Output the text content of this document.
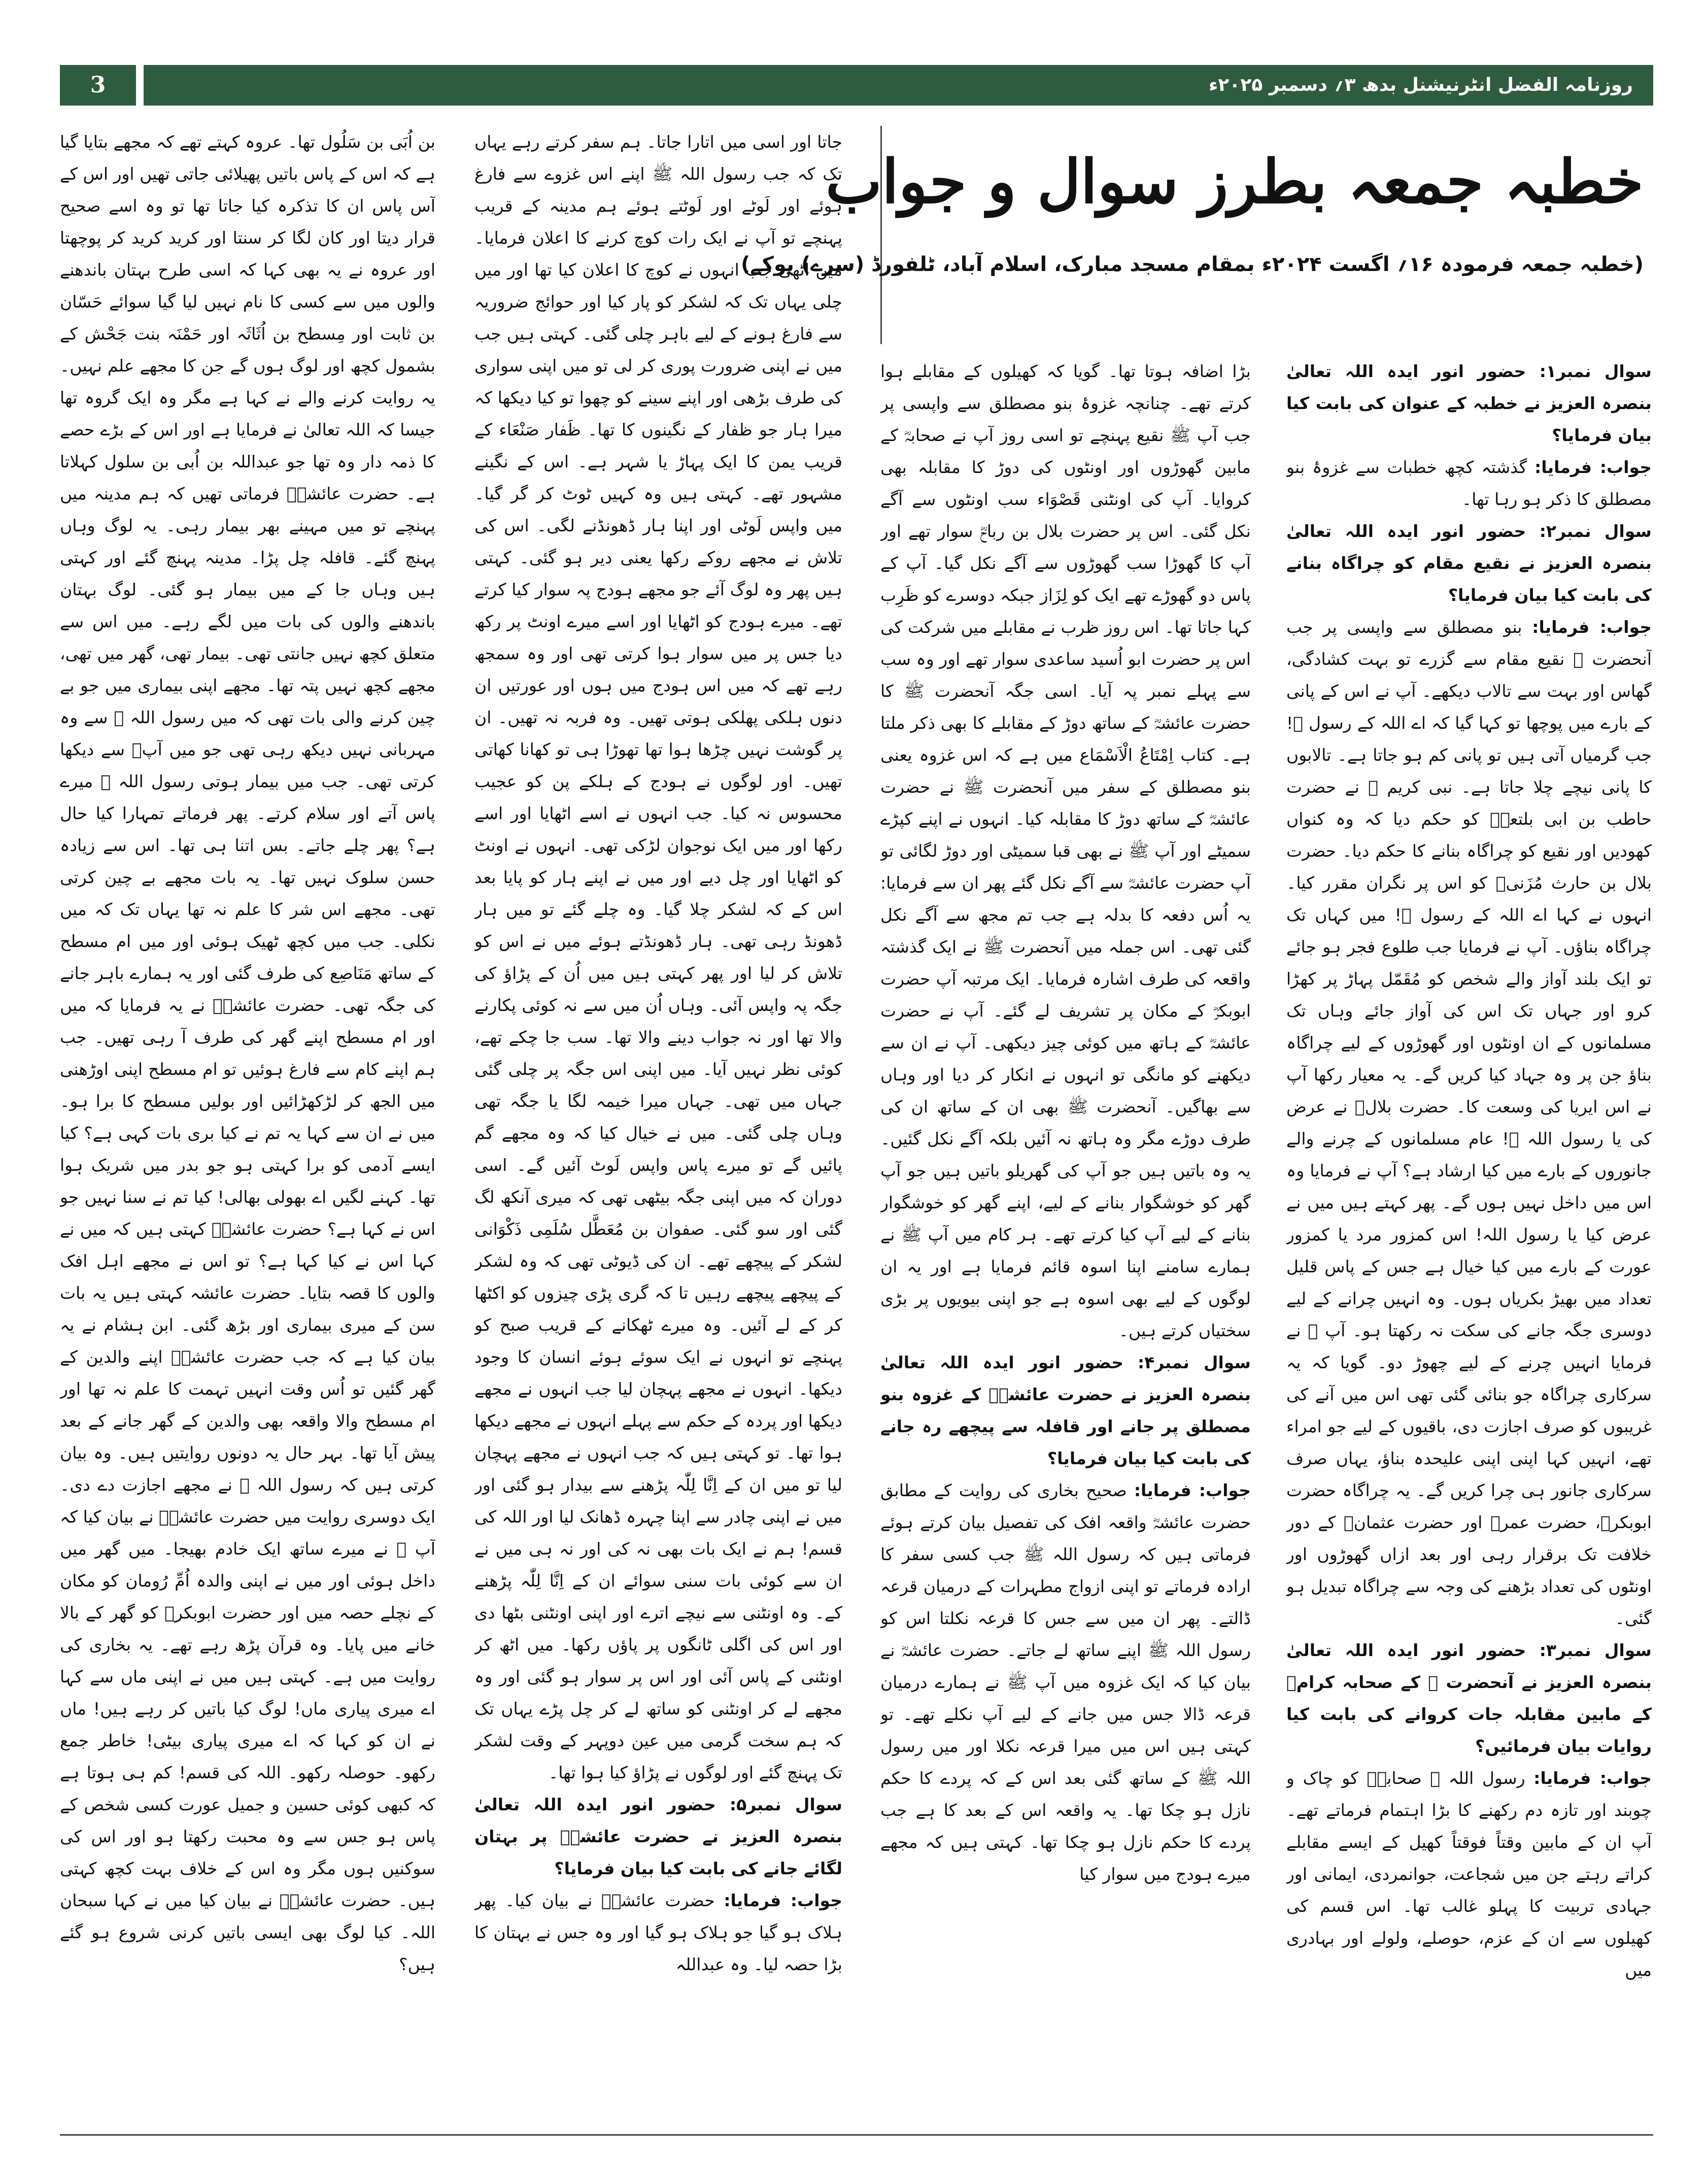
3	روزنامہ الفضل انٹرنیشنل بدھ ۳؍ دسمبر ۲۰۲۵ء
خطبہ جمعہ بطرز سوال و جواب
(خطبہ جمعہ فرمودہ ۱۶؍ اگست ۲۰۲۴ء بمقام مسجد مبارک، اسلام آباد، ٹلفورڈ (سرے) یوکے)

سوال نمبر۱: حضور انور ایدہ اللہ تعالیٰ بنصرہ العزیز نے خطبہ کے عنوان کی بابت کیا بیان فرمایا؟

جواب: فرمایا: گذشتہ کچھ خطبات سے غزوۂ بنو مصطلق کا ذکر ہو رہا تھا۔

سوال نمبر۲: حضور انور ایدہ اللہ تعالیٰ بنصرہ العزیز نے نقیع مقام کو چراگاہ بنانے کی بابت کیا بیان فرمایا؟

جواب: فرمایا: بنو مصطلق سے واپسی پر جب آنحضرت ﷺ نقیع مقام سے گزرے تو بہت کشادگی، گھاس اور بہت سے تالاب دیکھے۔ آپ نے اس کے پانی کے بارے میں پوچھا تو کہا گیا کہ اے اللہ کے رسول ﷺ! جب گرمیاں آتی ہیں تو پانی کم ہو جاتا ہے۔ تالابوں کا پانی نیچے چلا جاتا ہے۔ نبی کریم ﷺ نے حضرت حاطب بن ابی بلتعہؓ کو حکم دیا کہ وہ کنواں کھودیں اور نقیع کو چراگاہ بنانے کا حکم دیا۔ حضرت بلال بن حارث مُزَنیؓ کو اس پر نگران مقرر کیا۔ انہوں نے کہا اے اللہ کے رسول ﷺ! میں کہاں تک چراگاہ بناؤں۔ آپ نے فرمایا جب طلوع فجر ہو جائے تو ایک بلند آواز والے شخص کو مُقَمّل پہاڑ پر کھڑا کرو اور جہاں تک اس کی آواز جائے وہاں تک مسلمانوں کے ان اونٹوں اور گھوڑوں کے لیے چراگاہ بناؤ جن پر وہ جہاد کیا کریں گے۔ یہ معیار رکھا آپ نے اس ایریا کی وسعت کا۔ حضرت بلالؓ نے عرض کی یا رسول اللہ ﷺ! عام مسلمانوں کے چرنے والے جانوروں کے بارے میں کیا ارشاد ہے؟ آپ نے فرمایا وہ اس میں داخل نہیں ہوں گے۔ پھر کہتے ہیں میں نے عرض کیا یا رسول اللہ! اس کمزور مرد یا کمزور عورت کے بارے میں کیا خیال ہے جس کے پاس قلیل تعداد میں بھیڑ بکریاں ہوں۔ وہ انہیں چرانے کے لیے دوسری جگہ جانے کی سکت نہ رکھتا ہو۔ آپ ﷺ نے فرمایا انہیں چرنے کے لیے چھوڑ دو۔ گویا کہ یہ سرکاری چراگاہ جو بنائی گئی تھی اس میں آنے کی غریبوں کو صرف اجازت دی، باقیوں کے لیے جو امراء تھے، انہیں کہا اپنی اپنی علیحدہ بناؤ، یہاں صرف سرکاری جانور ہی چرا کریں گے۔ یہ چراگاہ حضرت ابوبکرؓ، حضرت عمرؓ اور حضرت عثمانؓ کے دور خلافت تک برقرار رہی اور بعد ازاں گھوڑوں اور اونٹوں کی تعداد بڑھنے کی وجہ سے چراگاہ تبدیل ہو گئی۔

سوال نمبر۳: حضور انور ایدہ اللہ تعالیٰ بنصرہ العزیز نے آنحضرت ﷺ کے صحابہ کرامؓ کے مابین مقابلہ جات کروانے کی بابت کیا روایات بیان فرمائیں؟

جواب: فرمایا: رسول اللہ ﷺ صحابہؓ کو چاک و چوبند اور تازہ دم رکھنے کا بڑا اہتمام فرماتے تھے۔ آپ ان کے مابین وقتاً فوقتاً کھیل کے ایسے مقابلے کراتے رہتے جن میں شجاعت، جوانمردی، ایمانی اور جہادی تربیت کا پہلو غالب تھا۔ اس قسم کی کھیلوں سے ان کے عزم، حوصلے، ولولے اور بہادری میں

بڑا اضافہ ہوتا تھا۔ گویا کہ کھیلوں کے مقابلے ہوا کرتے تھے۔ چنانچہ غزوۂ بنو مصطلق سے واپسی پر جب آپ ﷺ نقیع پہنچے تو اسی روز آپ نے صحابہؓ کے مابین گھوڑوں اور اونٹوں کی دوڑ کا مقابلہ بھی کروایا۔ آپ کی اونٹنی قَصْوَاء سب اونٹوں سے آگے نکل گئی۔ اس پر حضرت بلال بن رباحؓ سوار تھے اور آپ کا گھوڑا سب گھوڑوں سے آگے نکل گیا۔ آپ کے پاس دو گھوڑے تھے ایک کو لِزَاز جبکہ دوسرے کو ظَرِب کہا جاتا تھا۔ اس روز ظرب نے مقابلے میں شرکت کی اس پر حضرت ابو اُسید ساعدی سوار تھے اور وہ سب سے پہلے نمبر پہ آیا۔ اسی جگہ آنحضرت ﷺ کا حضرت عائشہؓ کے ساتھ دوڑ کے مقابلے کا بھی ذکر ملتا ہے۔ کتاب اِمْتَاعُ الْاَسْمَاع میں ہے کہ اس غزوہ یعنی بنو مصطلق کے سفر میں آنحضرت ﷺ نے حضرت عائشہؓ کے ساتھ دوڑ کا مقابلہ کیا۔ انہوں نے اپنے کپڑے سمیٹے اور آپ ﷺ نے بھی قبا سمیٹی اور دوڑ لگائی تو آپ حضرت عائشہؓ سے آگے نکل گئے پھر ان سے فرمایا: یہ اُس دفعہ کا بدلہ ہے جب تم مجھ سے آگے نکل گئی تھی۔ اس جملہ میں آنحضرت ﷺ نے ایک گذشتہ واقعہ کی طرف اشارہ فرمایا۔ ایک مرتبہ آپ حضرت ابوبکرؓ کے مکان پر تشریف لے گئے۔ آپ نے حضرت عائشہؓ کے ہاتھ میں کوئی چیز دیکھی۔ آپ نے ان سے دیکھنے کو مانگی تو انہوں نے انکار کر دیا اور وہاں سے بھاگیں۔ آنحضرت ﷺ بھی ان کے ساتھ ان کی طرف دوڑے مگر وہ ہاتھ نہ آئیں بلکہ آگے نکل گئیں۔ یہ وہ باتیں ہیں جو آپ کی گھریلو باتیں ہیں جو آپ گھر کو خوشگوار بنانے کے لیے، اپنے گھر کو خوشگوار بنانے کے لیے آپ کیا کرتے تھے۔ ہر کام میں آپ ﷺ نے ہمارے سامنے اپنا اسوہ قائم فرمایا ہے اور یہ ان لوگوں کے لیے بھی اسوہ ہے جو اپنی بیویوں پر بڑی سختیاں کرتے ہیں۔

سوال نمبر۴: حضور انور ایدہ اللہ تعالیٰ بنصرہ العزیز نے حضرت عائشہؓ کے غزوہ بنو مصطلق پر جانے اور قافلہ سے پیچھے رہ جانے کی بابت کیا بیان فرمایا؟

جواب: فرمایا: صحیح بخاری کی روایت کے مطابق حضرت عائشہؓ واقعہ افک کی تفصیل بیان کرتے ہوئے فرماتی ہیں کہ رسول اللہ ﷺ جب کسی سفر کا ارادہ فرماتے تو اپنی ازواج مطہرات کے درمیان قرعہ ڈالتے۔ پھر ان میں سے جس کا قرعہ نکلتا اس کو رسول اللہ ﷺ اپنے ساتھ لے جاتے۔ حضرت عائشہؓ نے بیان کیا کہ ایک غزوہ میں آپ ﷺ نے ہمارے درمیان قرعہ ڈالا جس میں جانے کے لیے آپ نکلے تھے۔ تو کہتی ہیں اس میں میرا قرعہ نکلا اور میں رسول اللہ ﷺ کے ساتھ گئی بعد اس کے کہ پردے کا حکم نازل ہو چکا تھا۔ یہ واقعہ اس کے بعد کا ہے جب پردے کا حکم نازل ہو چکا تھا۔ کہتی ہیں کہ مجھے میرے ہودج میں سوار کیا

جاتا اور اسی میں اتارا جاتا۔ ہم سفر کرتے رہے یہاں تک کہ جب رسول اللہ ﷺ اپنے اس غزوے سے فارغ ہوئے اور لَوٹے اور لَوٹتے ہوئے ہم مدینہ کے قریب پہنچے تو آپ نے ایک رات کوچ کرنے کا اعلان فرمایا۔ میں اٹھی جب انہوں نے کوچ کا اعلان کیا تھا اور میں چلی یہاں تک کہ لشکر کو پار کیا اور حوائج ضروریہ سے فارغ ہونے کے لیے باہر چلی گئی۔ کہتی ہیں جب میں نے اپنی ضرورت پوری کر لی تو میں اپنی سواری کی طرف بڑھی اور اپنے سینے کو چھوا تو کیا دیکھا کہ میرا ہار جو ظفار کے نگینوں کا تھا۔ ظَفار صَنْعَاء کے قریب یمن کا ایک پہاڑ یا شہر ہے۔ اس کے نگینے مشہور تھے۔ کہتی ہیں وہ کہیں ٹوٹ کر گر گیا۔ میں واپس لَوٹی اور اپنا ہار ڈھونڈنے لگی۔ اس کی تلاش نے مجھے روکے رکھا یعنی دیر ہو گئی۔ کہتی ہیں پھر وہ لوگ آئے جو مجھے ہودج پہ سوار کیا کرتے تھے۔ میرے ہودج کو اٹھایا اور اسے میرے اونٹ پر رکھ دیا جس پر میں سوار ہوا کرتی تھی اور وہ سمجھ رہے تھے کہ میں اس ہودج میں ہوں اور عورتیں ان دنوں ہلکی پھلکی ہوتی تھیں۔ وہ فربہ نہ تھیں۔ ان پر گوشت نہیں چڑھا ہوا تھا تھوڑا ہی تو کھانا کھاتی تھیں۔ اور لوگوں نے ہودج کے ہلکے پن کو عجیب محسوس نہ کیا۔ جب انہوں نے اسے اٹھایا اور اسے رکھا اور میں ایک نوجوان لڑکی تھی۔ انہوں نے اونٹ کو اٹھایا اور چل دیے اور میں نے اپنے ہار کو پایا بعد اس کے کہ لشکر چلا گیا۔ وہ چلے گئے تو میں ہار ڈھونڈ رہی تھی۔ ہار ڈھونڈتے ہوئے میں نے اس کو تلاش کر لیا اور پھر کہتی ہیں میں اُن کے پڑاؤ کی جگہ پہ واپس آئی۔ وہاں اُن میں سے نہ کوئی پکارنے والا تھا اور نہ جواب دینے والا تھا۔ سب جا چکے تھے، کوئی نظر نہیں آیا۔ میں اپنی اس جگہ پر چلی گئی جہاں میں تھی۔ جہاں میرا خیمہ لگا یا جگہ تھی وہاں چلی گئی۔ میں نے خیال کیا کہ وہ مجھے گم پائیں گے تو میرے پاس واپس لَوٹ آئیں گے۔ اسی دوران کہ میں اپنی جگہ بیٹھی تھی کہ میری آنکھ لگ گئی اور سو گئی۔ صفوان بن مُعَطَّل سُلَمِی ذَکْوَانی لشکر کے پیچھے تھے۔ ان کی ڈیوٹی تھی کہ وہ لشکر کے پیچھے پیچھے رہیں تا کہ گری پڑی چیزوں کو اکٹھا کر کے لے آئیں۔ وہ میرے ٹھکانے کے قریب صبح کو پہنچے تو انہوں نے ایک سوئے ہوئے انسان کا وجود دیکھا۔ انہوں نے مجھے پہچان لیا جب انہوں نے مجھے دیکھا اور پردہ کے حکم سے پہلے انہوں نے مجھے دیکھا ہوا تھا۔ تو کہتی ہیں کہ جب انہوں نے مجھے پہچان لیا تو میں ان کے اِنَّا لِلّٰہ پڑھنے سے بیدار ہو گئی اور میں نے اپنی چادر سے اپنا چہرہ ڈھانک لیا اور اللہ کی قسم! ہم نے ایک بات بھی نہ کی اور نہ ہی میں نے ان سے کوئی بات سنی سوائے ان کے اِنَّا لِلّٰہ پڑھنے کے۔ وہ اونٹنی سے نیچے اترے اور اپنی اونٹنی بٹھا دی اور اس کی اگلی ٹانگوں پر پاؤں رکھا۔ میں اٹھ کر اونٹنی کے پاس آئی اور اس پر سوار ہو گئی اور وہ مجھے لے کر اونٹنی کو ساتھ لے کر چل پڑے یہاں تک کہ ہم سخت گرمی میں عین دوپہر کے وقت لشکر تک پہنچ گئے اور لوگوں نے پڑاؤ کیا ہوا تھا۔

سوال نمبر۵: حضور انور ایدہ اللہ تعالیٰ بنصرہ العزیز نے حضرت عائشہؓ پر بہتان لگائے جانے کی بابت کیا بیان فرمایا؟

جواب: فرمایا: حضرت عائشہؓ نے بیان کیا۔ پھر ہلاک ہو گیا جو ہلاک ہو گیا اور وہ جس نے بہتان کا بڑا حصہ لیا۔ وہ عبداللہ

بن اُبَی بن سَلُول تھا۔ عروہ کہتے تھے کہ مجھے بتایا گیا ہے کہ اس کے پاس باتیں پھیلائی جاتی تھیں اور اس کے آس پاس ان کا تذکرہ کیا جاتا تھا تو وہ اسے صحیح قرار دیتا اور کان لگا کر سنتا اور کرید کرید کر پوچھتا اور عروہ نے یہ بھی کہا کہ اسی طرح بہتان باندھنے والوں میں سے کسی کا نام نہیں لیا گیا سوائے حَسّان بن ثابت اور مِسطح بن اُثَاثَہ اور حَمْنَہ بنت جَحْش کے بشمول کچھ اور لوگ ہوں گے جن کا مجھے علم نہیں۔ یہ روایت کرنے والے نے کہا ہے مگر وہ ایک گروہ تھا جیسا کہ اللہ تعالیٰ نے فرمایا ہے اور اس کے بڑے حصے کا ذمہ دار وہ تھا جو عبداللہ بن اُبی بن سلول کہلاتا ہے۔ حضرت عائشہؓ فرماتی تھیں کہ ہم مدینہ میں پہنچے تو میں مہینے بھر بیمار رہی۔ یہ لوگ وہاں پہنچ گئے۔ قافلہ چل پڑا۔ مدینہ پہنچ گئے اور کہتی ہیں وہاں جا کے میں بیمار ہو گئی۔ لوگ بہتان باندھنے والوں کی بات میں لگے رہے۔ میں اس سے متعلق کچھ نہیں جانتی تھی۔ بیمار تھی، گھر میں تھی، مجھے کچھ نہیں پتہ تھا۔ مجھے اپنی بیماری میں جو بے چین کرنے والی بات تھی کہ میں رسول اللہ ﷺ سے وہ مہربانی نہیں دیکھ رہی تھی جو میں آپؐ سے دیکھا کرتی تھی۔ جب میں بیمار ہوتی رسول اللہ ﷺ میرے پاس آتے اور سلام کرتے۔ پھر فرماتے تمہارا کیا حال ہے؟ پھر چلے جاتے۔ بس اتنا ہی تھا۔ اس سے زیادہ حسن سلوک نہیں تھا۔ یہ بات مجھے بے چین کرتی تھی۔ مجھے اس شر کا علم نہ تھا یہاں تک کہ میں نکلی۔ جب میں کچھ ٹھیک ہوئی اور میں ام مسطح کے ساتھ مَنَاصِع کی طرف گئی اور یہ ہمارے باہر جانے کی جگہ تھی۔ حضرت عائشہؓ نے یہ فرمایا کہ میں اور ام مسطح اپنے گھر کی طرف آ رہی تھیں۔ جب ہم اپنے کام سے فارغ ہوئیں تو ام مسطح اپنی اوڑھنی میں الجھ کر لڑکھڑائیں اور بولیں مسطح کا برا ہو۔ میں نے ان سے کہا یہ تم نے کیا بری بات کہی ہے؟ کیا ایسے آدمی کو برا کہتی ہو جو بدر میں شریک ہوا تھا۔ کہنے لگیں اے بھولی بھالی! کیا تم نے سنا نہیں جو اس نے کہا ہے؟ حضرت عائشہؓ کہتی ہیں کہ میں نے کہا اس نے کیا کہا ہے؟ تو اس نے مجھے اہل افک والوں کا قصہ بتایا۔ حضرت عائشہ کہتی ہیں یہ بات سن کے میری بیماری اور بڑھ گئی۔ ابن ہشام نے یہ بیان کیا ہے کہ جب حضرت عائشہؓ اپنے والدین کے گھر گئیں تو اُس وقت انہیں تہمت کا علم نہ تھا اور ام مسطح والا واقعہ بھی والدین کے گھر جانے کے بعد پیش آیا تھا۔ بہر حال یہ دونوں روایتیں ہیں۔ وہ بیان کرتی ہیں کہ رسول اللہ ﷺ نے مجھے اجازت دے دی۔ ایک دوسری روایت میں حضرت عائشہؓ نے بیان کیا کہ آپ ﷺ نے میرے ساتھ ایک خادم بھیجا۔ میں گھر میں داخل ہوئی اور میں نے اپنی والدہ اُمِّ رُومان کو مکان کے نچلے حصہ میں اور حضرت ابوبکرؓ کو گھر کے بالا خانے میں پایا۔ وہ قرآن پڑھ رہے تھے۔ یہ بخاری کی روایت میں ہے۔ کہتی ہیں میں نے اپنی ماں سے کہا اے میری پیاری ماں! لوگ کیا باتیں کر رہے ہیں! ماں نے ان کو کہا کہ اے میری پیاری بیٹی! خاطر جمع رکھو۔ حوصلہ رکھو۔ اللہ کی قسم! کم ہی ہوتا ہے کہ کبھی کوئی حسین و جمیل عورت کسی شخص کے پاس ہو جس سے وہ محبت رکھتا ہو اور اس کی سوکنیں ہوں مگر وہ اس کے خلاف بہت کچھ کہتی ہیں۔ حضرت عائشہؓ نے بیان کیا میں نے کہا سبحان اللہ۔ کیا لوگ بھی ایسی باتیں کرنی شروع ہو گئے ہیں؟
